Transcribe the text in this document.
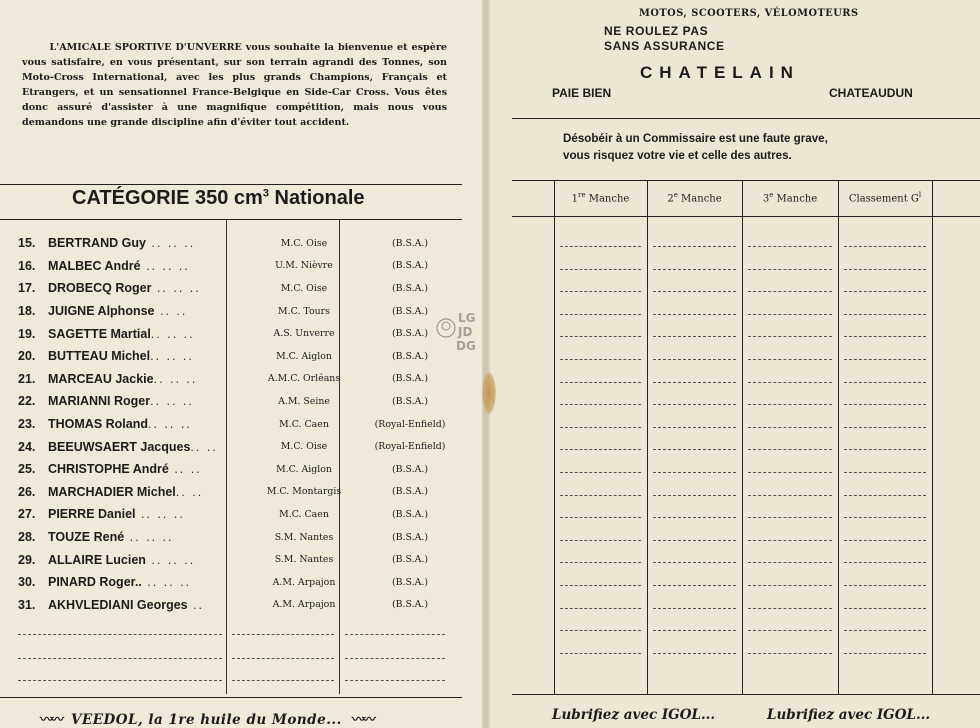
L'AMICALE SPORTIVE D'UNVERRE vous souhaite la bienvenue et espère vous satisfaire, en vous présentant, sur son terrain agrandi des Tonnes, son Moto-Cross International, avec les plus grands Champions, Français et Etrangers, et un sensationnel France-Belgique en Side-Car Cross. Vous êtes donc assuré d'assister à une magnifique compétition, mais nous vous demandons une grande discipline afin d'éviter tout accident.
CATÉGORIE 350 $cm^3$ Nationale
15.	BERTRAND Guy .. .. ..	M.C. Oise	(B.S.A.)
16.	MALBEC André .. .. ..	U.M. Nièvre	(B.S.A.)
17.	DROBECQ Roger .. .. ..	M.C. Oise	(B.S.A.)
18.	JUIGNE Alphonse .. ..	M.C. Tours	(B.S.A.)
19.	SAGETTE Martial.. .. ..	A.S. Unverre	(B.S.A.)
20.	BUTTEAU Michel.. .. ..	M.C. Aiglon	(B.S.A.)
21.	MARCEAU Jackie.. .. ..	A.M.C. Orléans	(B.S.A.)
22.	MARIANNI Roger.. .. ..	A.M. Seine	(B.S.A.)
23.	THOMAS Roland.. .. ..	M.C. Caen	(Royal-Enfield)
24.	BEEUWSAERT Jacques.. ..	M.C. Oise	(Royal-Enfield)
25.	CHRISTOPHE André .. ..	M.C. Aiglon	(B.S.A.)
26.	MARCHADIER Michel.. ..	M.C. Montargis	(B.S.A.)
27.	PIERRE Daniel .. .. ..	M.C. Caen	(B.S.A.)
28.	TOUZE René .. .. ..	S.M. Nantes	(B.S.A.)
29.	ALLAIRE Lucien .. .. ..	S.M. Nantes	(B.S.A.)
30.	PINARD Roger.. .. .. ..	A.M. Arpajon	(B.S.A.)
31.	AKHVLEDIANI Georges ..	A.M. Arpajon	(B.S.A.)
〰〰 VEEDOL, la 1re huile du Monde... 〰〰
LG
JD
DG
MOTOS, SCOOTERS, VÉLOMOTEURS
NE ROULEZ PAS
SANS ASSURANCE
CHATELAIN
PAIE BIEN	CHATEAUDUN
Désobéir à un Commissaire est une faute grave,
vous risquez votre vie et celle des autres.
1re Manche	2e Manche	3e Manche	Classement $G^l$
Lubrifiez avec IGOL...	Lubrifiez avec IGOL...
